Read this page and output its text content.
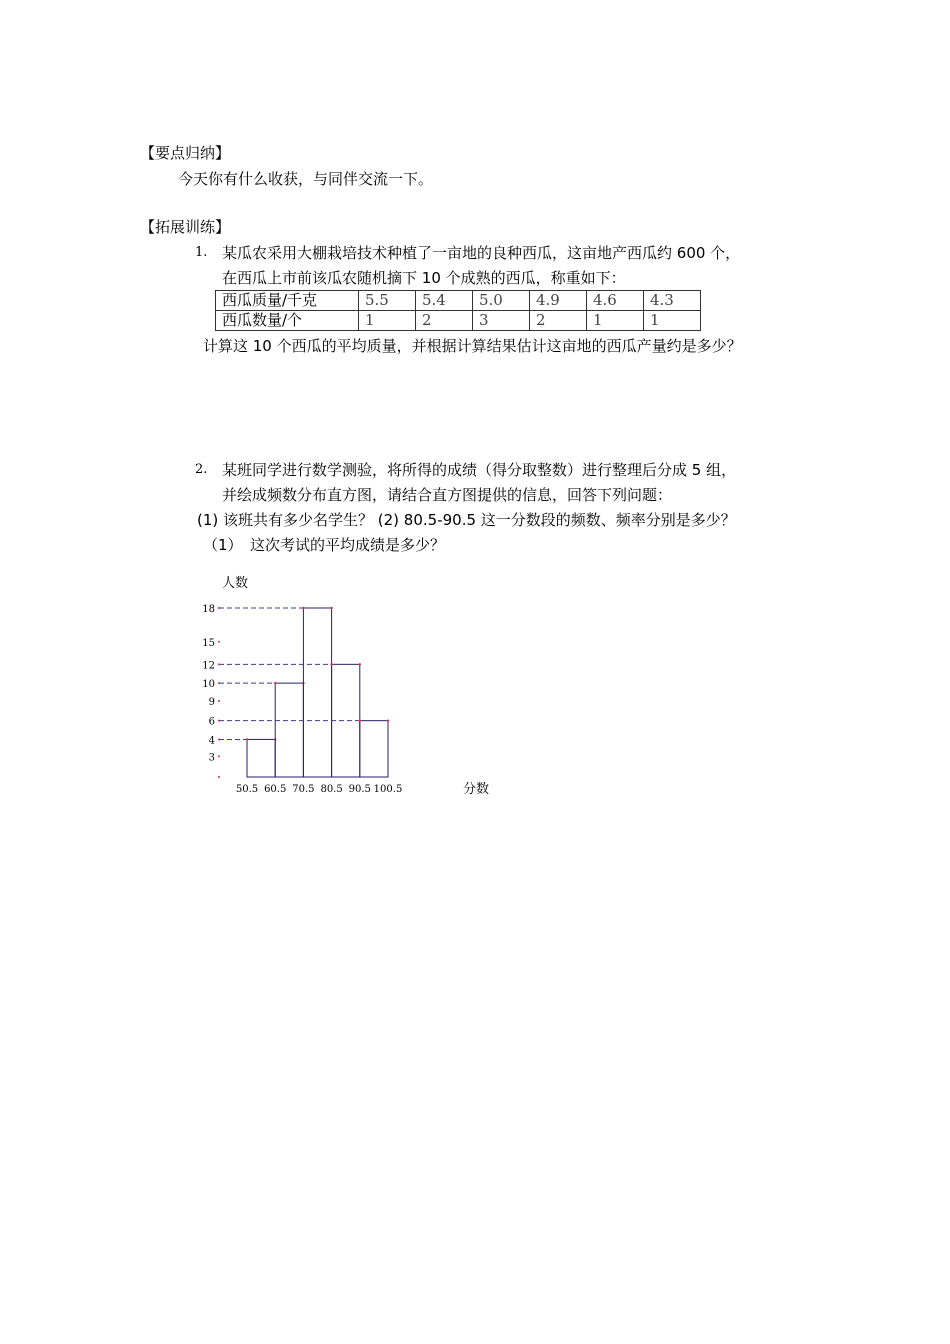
【要点归纳】
今天你有什么收获，与同伴交流一下。
【拓展训练】
1. 某瓜农采用大棚栽培技术种植了一亩地的良种西瓜，这亩地产西瓜约 600 个，
在西瓜上市前该瓜农随机摘下 10 个成熟的西瓜，称重如下：
西瓜质量/千克	5.5	5.4	5.0	4.9	4.6	4.3
西瓜数量/个	1	2	3	2	1	1
计算这 10 个西瓜的平均质量，并根据计算结果估计这亩地的西瓜产量约是多少？
2. 某班同学进行数学测验，将所得的成绩（得分取整数）进行整理后分成 5 组，
并绘成频数分布直方图，请结合直方图提供的信息，回答下列问题：
(1) 该班共有多少名学生？ (2) 80.5-90.5 这一分数段的频数、频率分别是多少？
（1）　这次考试的平均成绩是多少？
人数
分数
18
15
12
10
9
6
4
3
50.5 60.5 70.5 80.5 90.5 100.5
